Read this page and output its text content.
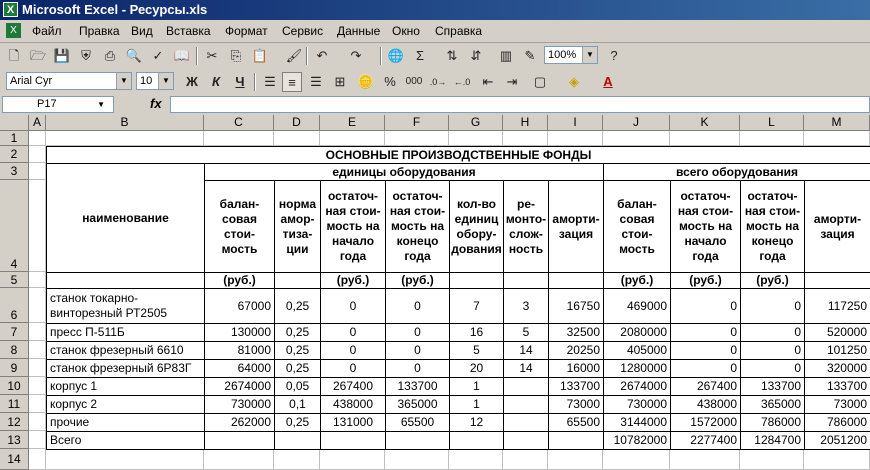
X Microsoft Excel - Ресурсы.xls
X	Файл Правка Вид Вставка Формат Сервис Данные Окно Справка
🗋 🗁 💾 ⛨	⎙ 🔍 ✓ 📖	✂	⎘ 📋 🖌	↶	↷	🌐 Σ	⇅	⇵	▥ ✎	100%	▼	?
Arial Cyr	▼	10	▼	Ж	К	Ч	☰ ≡	☰ ⊞ 🪙 % 000 .0→ ←.0 ⇤	⇥	▢	◈	A
P17	▼	fx
A	B	C	D	E	F	G	H	I	J	K	L	M
1
2
3
4
5
6
7
8
9
10
11
12
13
14
ОСНОВНЫЕ ПРОИЗВОДСТВЕННЫЕ ФОНДЫ
наименование
единицы оборудования	всего оборудования
балан- совая стои- мость
норма амор- тиза- ции
остаточ- ная стои- мость на начало года
остаточ- ная стои- мость на конецо года
кол-во единиц обору- дования
ре- монто- слож- ность
аморти- зация
балан- совая стои- мость
остаточ- ная стои- мость на начало года
остаточ- ная стои- мость на конецо года
аморти- зация
(руб.)	(руб.)	(руб.)	(руб.)	(руб.)	(руб.)
станок токарно-винторезный РТ2505
67000	0,25	0	0	7	3	16750	469000	0	0	117250
пресс П-511Б	130000	0,25	0	0	16	5	32500	2080000	0	0	520000
станок фрезерный 6610	81000	0,25	0	0	5	14	20250	405000	0	0	101250
станок фрезерный 6Р83Г	64000	0,25	0	0	20	14	16000	1280000	0	0	320000
корпус 1	2674000	0,05	267400	133700	1	133700	2674000	267400	133700	133700
корпус 2	730000	0,1	438000	365000	1	73000	730000	438000	365000	73000
прочие	262000	0,25	131000	65500	12	65500	3144000	1572000	786000	786000
Всего	10782000	2277400	1284700	2051200
